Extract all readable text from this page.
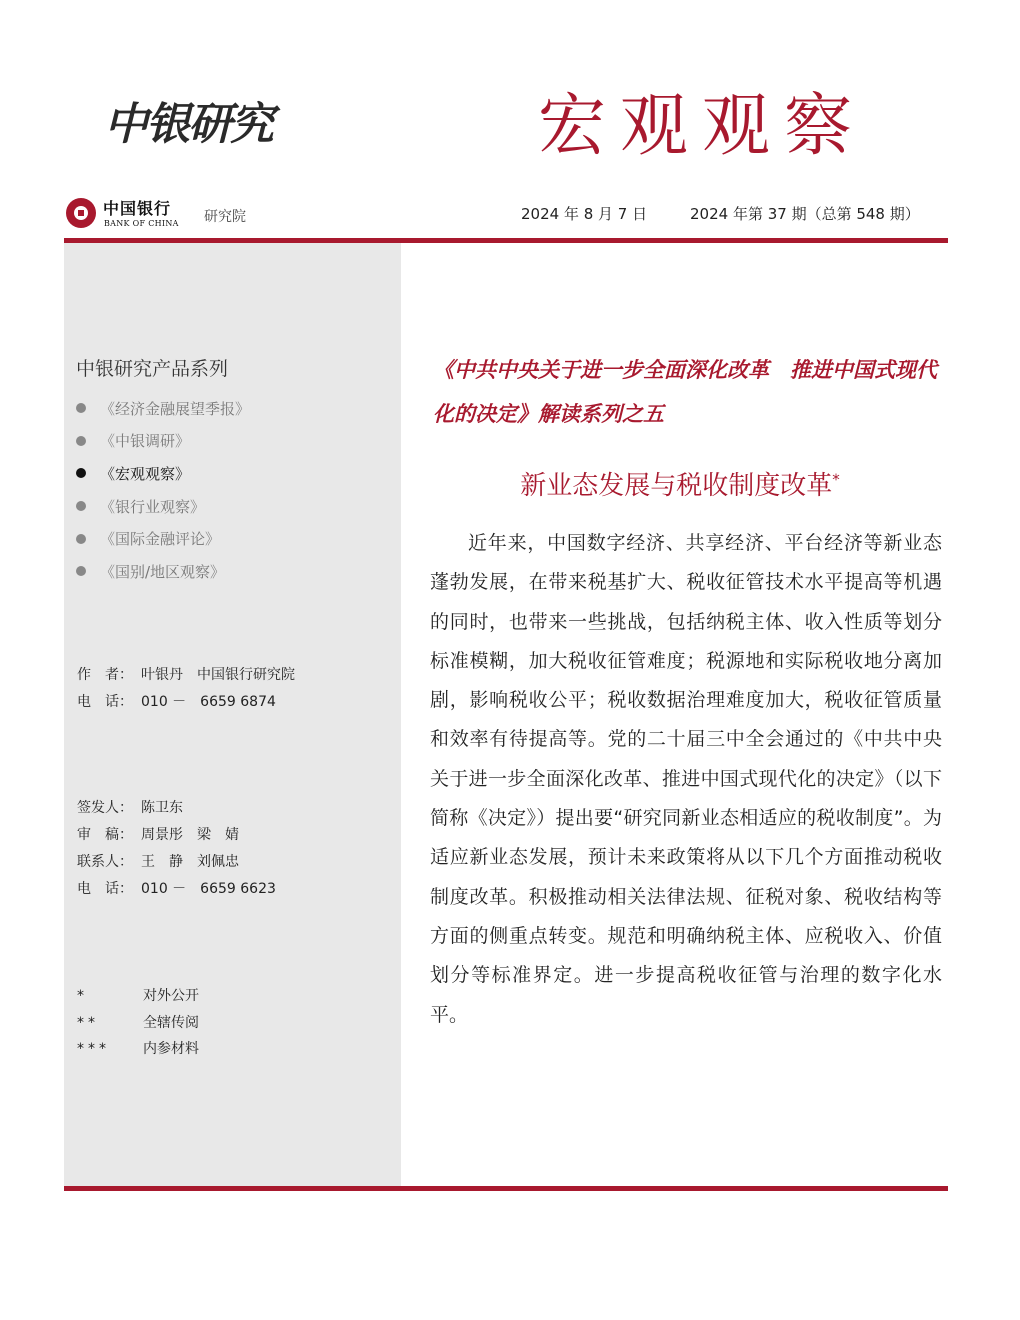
中银研究	宏观观察
中国银行
BANK OF CHINA 研究院	2024 年 8 月 7 日	2024 年第 37 期（总第 548 期）
中银研究产品系列
《经济金融展望季报》
《中银调研》
《宏观观察》
《银行业观察》
《国际金融评论》
《国别/地区观察》
作　者： 叶银丹　中国银行研究院
电　话： 010 －　6659 6874
签发人： 陈卫东
审　稿： 周景彤　梁　婧
联系人： 王　静　刘佩忠
电　话： 010 －　6659 6623
*	对外公开
**	全辖传阅
*** 内参材料
《中共中央关于进一步全面深化改革　推进中国式现代化的决定》解读系列之五
新业态发展与税收制度改革*

近年来，中国数字经济、共享经济、平台经济等新业态蓬勃发展，在带来税基扩大、税收征管技术水平提高等机遇的同时，也带来一些挑战，包括纳税主体、收入性质等划分标准模糊，加大税收征管难度；税源地和实际税收地分离加剧，影响税收公平；税收数据治理难度加大，税收征管质量和效率有待提高等。党的二十届三中全会通过的《中共中央关于进一步全面深化改革、推进中国式现代化的决定》（以下简称《决定》）提出要“研究同新业态相适应的税收制度”。为适应新业态发展，预计未来政策将从以下几个方面推动税收制度改革。积极推动相关法律法规、征税对象、税收结构等方面的侧重点转变。规范和明确纳税主体、应税收入、价值划分等标准界定。进一步提高税收征管与治理的数字化水平。
